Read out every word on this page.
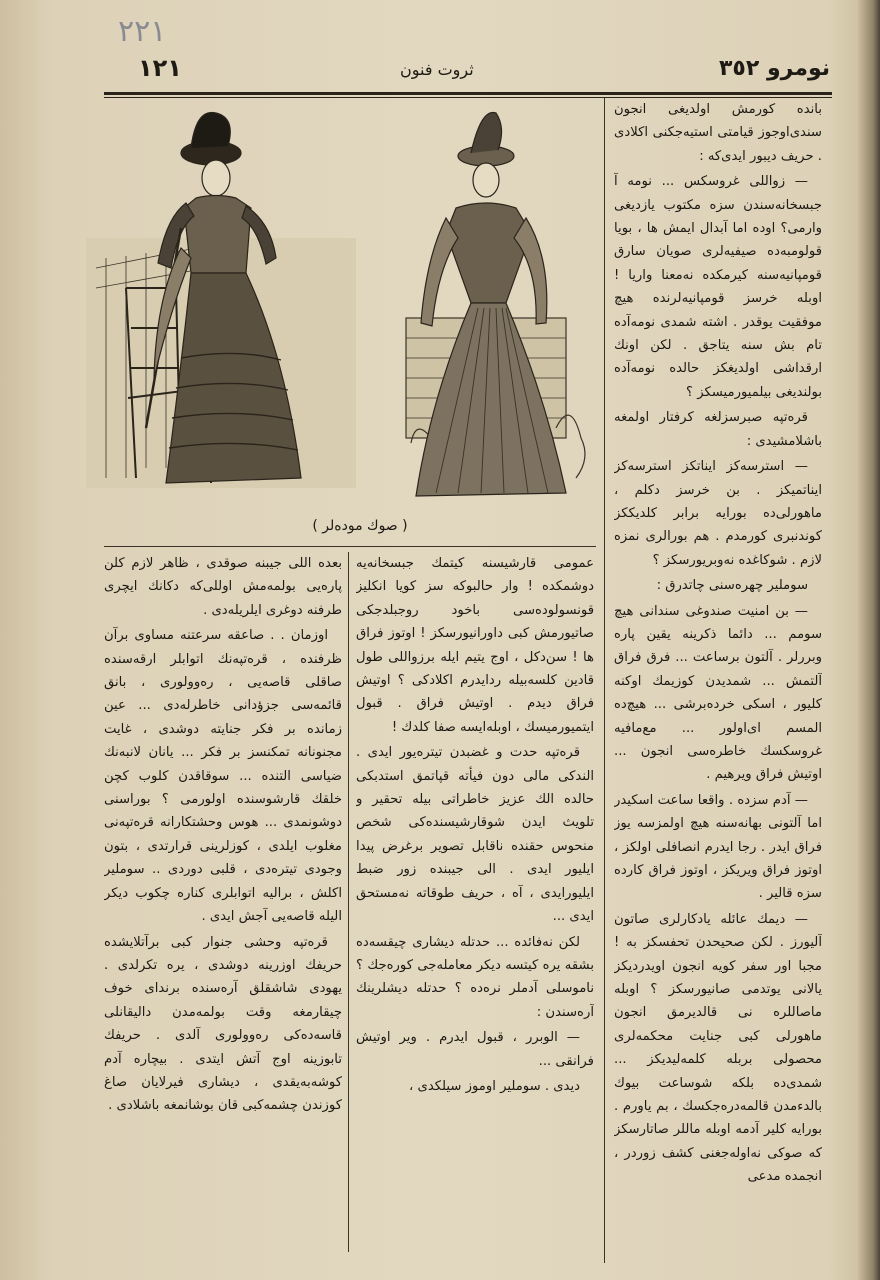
٢٢١
نومرو ٣٥٢
ثروت فنون
١٢١
( صوك موده‌لر )

بانده كورمش اولديغى انجون سندى‌اوجوز قيامتى استيه‌جكنى اكلادى . حريف ديبور ايدى‌كه :

— زواللى غروسكس ... نومه آ جبسخانه‌سندن سزه مكتوب يازديغى وارمى؟ اوده اما آبدال ايمش ها ، بويا قولومبه‌ده صيفيه‌لرى صويان سارق قومپانيه‌سنه كيرمكده نه‌معنا واريا ! اوبله خرسز قومپانيه‌لرنده هيچ موفقيت يوقدر . اشته شمدى نومه‌آده تام بش سنه يتاجق . لكن اونك ارقداشى اولديغكز حالده نومه‌آده بولنديغى بيلميورميسكز ؟

قره‌تپه صبرسزلغه كرفتار اولمغه باشلامشيدى :

— استرسه‌كز ايناتكز استرسه‌كز ايناتميكز . بن خرسز دكلم ، ماهورلى‌ده بورايه برابر كلديككز كوندنبرى كورمدم . هم بورالرى نمزه لازم . شوكاغده نه‌وبريورسكز ؟

سوملير چهره‌سنى چاتدرق :

— بن امنيت صندوغى سندانى هيچ سومم ... دائما ذكرينه يقين پاره وبررلر . آلتون برساعت ... فرق فراق آلتمش ... شمدیدن كوزيمك اوكنه كليور ، اسكى خرده‌برشى ... هيچ‌ده المسم اى‌اولور ... مع‌مافيه غروسكسك خاطره‌سى انجون ... اوتيش فراق ويرهيم .

— آدم سزده . واقعا ساعت اسكيدر اما آلتونى بهانه‌سنه هيچ اولمزسه يوز فراق ايدر . رجا ايدرم انصافلى اولكز ، اوتوز فراق ويريكز ، اوتوز فراق كارده سزه قالير .

— ديمك عائله يادكارلرى صاتون آليورز . لكن صحيحدن تحفسكز به ! مجبا اور سفر كويه انجون اويدرديكز يالانى يوتدمى صانيورسكز ؟ اوبله ماصاللره نى قالديرمق انجون ماهورلى كبى جنايت محكمه‌لرى محصولى بربله كلمه‌ليديكز ... شمدى‌ده بلكه شوساعت بيوك بالدءمدن قالمه‌دره‌جكسك ، بم ياورم . بورايه كلير آدمه اوبله ماللر صاتارسكز كه صوكى نه‌اوله‌جغنى كشف زوردر ، انجمده مدعى

عمومى قارشيسنه كيتمك جبسخانه‌يه دوشمكده ! وار حالبوكه سز كويا انكليز قونسولوده‌سى باخود روجبلدجكى صاتيورمش كبى داورانيورسكز ! اوتوز فراق ها ! سن‌دكل ، اوج يتيم ايله برزواللى طول قادين كلسه‌بيله ردايدرم اكلادكى ؟ اوتيش فراق ديدم . اوتيش فراق . قبول ايتميورميسك ، اوبله‌ايسه صفا كلدك !

قره‌تپه حدت و غضبدن تيتره‌يور ايدى . الندكى مالى دون فيأته قپاتمق استدبكى حالده الك عزيز خاطراتى بيله تحقير و تلويث ايدن شوقارشيسنده‌كى شخص منحوس حقنده ناقابل تصوير برغرض پيدا ايليور ايدى . الى جيبنده زور ضبط ايليورايدى ، آه ، حريف طوقاته نه‌مستحق ايدى ...

لكن نه‌فائده ... حدتله ديشارى چيقسه‌ده بشقه يره كيتسه ديكر معامله‌جى كوره‌جك ؟ ناموسلى آدملر نره‌ده ؟ حدتله ديشلرينك آره‌سندن :

— الوبرر ، قبول ايدرم . وير اوتيش فرانقى ...

ديدى . سوملير اوموز سيلكدى ،

بعده اللى جيبنه صوقدى ، ظاهر لازم كلن پاره‌يى بولمه‌مش اوللى‌كه دكانك ايچرى طرفنه دوغرى ايلريله‌دى .

اوزمان . . صاعقه سرعتنه مساوى برآن ظرفنده ، قره‌تپه‌نك اتوابلر ارقه‌سنده صاقلى قاصه‌يى ، رەوولورى ، بانق قائمه‌سى جزؤدانى خاطرلەدى ... عين زمانده بر فكر جنايته دوشدى ، غايت مجنونانه تمكنسز بر فكر ... يانان لانبه‌نك ضياسى التنده ... سوقاقدن كلوب كچن خلقك قارشوسنده اولورمى ؟ بوراسنى دوشونمدى ... هوس وحشتكارانه قره‌تپه‌نى مغلوب ايلدى ، كوزلرينى قرارتدى ، بتون وجودى تيتره‌دى ، قلبى دوردى .. سوملير اكلش ، براليه اتوابلرى كناره چكوب ديكر اليله قاصه‌يى آجش ايدى .

قره‌تپه وحشى جنوار كبى برآتلايشده حريفك اوزرينه دوشدى ، يره تكرلدى . يهودى شاشقلق آره‌سنده برندای خوف چيقارمغه وقت بولمه‌مدن داليقانلى قاسه‌ده‌كى رەوولورى آلدى . حريفك تابوزينه اوج آتش ايتدى . بيچاره آدم كوشه‌به‌يقدى ، ديشارى فيرلايان صاغ كوزندن چشمه‌كبى قان بوشانمغه باشلادى .
